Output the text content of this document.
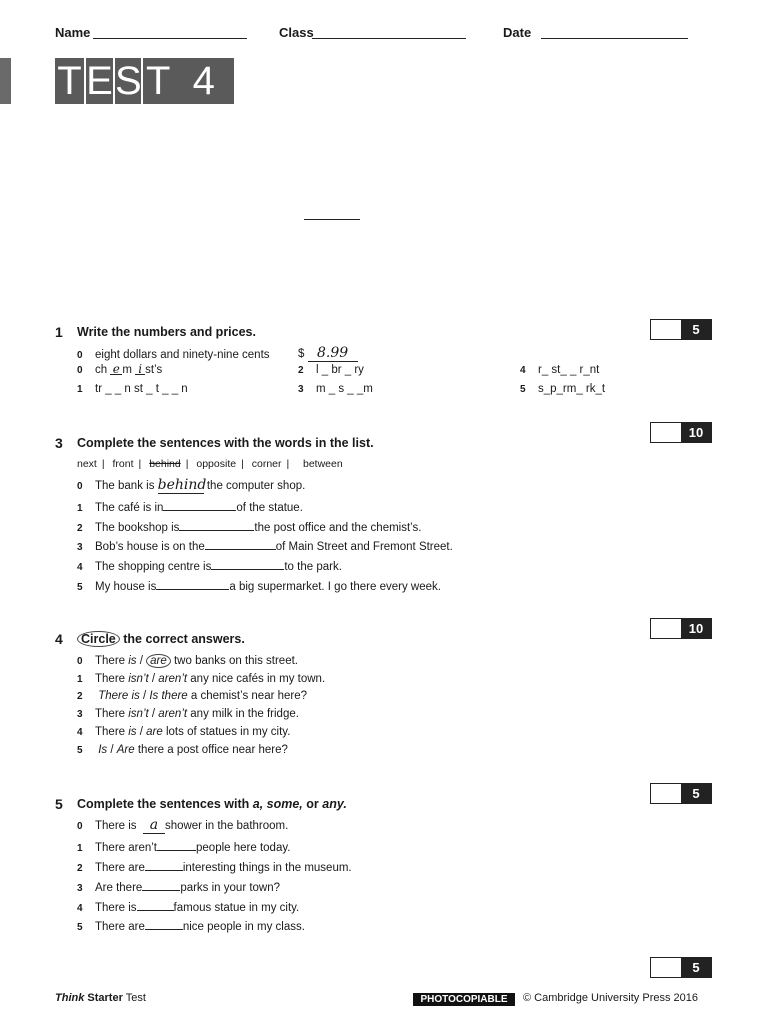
Name	Class	Date
T E S T 4
5
10
10
5
5
1 Write the numbers and prices.
0 eight dollars and ninety-nine cents $ 8.99
0 ch e m i st’s
1 tr _ _ n st _ t _ _ n
2 l _ br _ ry
3 m _ s _ _m
4 r_ st_ _ r_nt
5 s_p_rm_ rk_t
3 Complete the sentences with the words in the list.
next | front | behind | opposite | corner | between
0 The bank is behind the computer shop.
1 The café is in	of the statue.
2 The bookshop is	the post office and the chemist’s.
3 Bob’s house is on the	of Main Street and Fremont Street.
4 The shopping centre is	to the park.
5 My house is	a big supermarket. I go there every week.
4	Circle the correct answers.
0 There is / are two banks on this street.
1 There isn’t / aren’t any nice cafés in my town.
2 There is / Is there a chemist’s near here?
3 There isn’t / aren’t any milk in the fridge.
4 There is / are lots of statues in my city.
5 Is / Are there a post office near here?
5 Complete the sentences with a, some, or any.
0 There is a shower in the bathroom.
1 There aren’t	people here today.
2 There are	interesting things in the museum.
3 Are there	parks in your town?
4 There is	famous statue in my city.
5 There are	nice people in my class.
Think Starter Test	PHOTOCOPIABLE	© Cambridge University Press 2016
